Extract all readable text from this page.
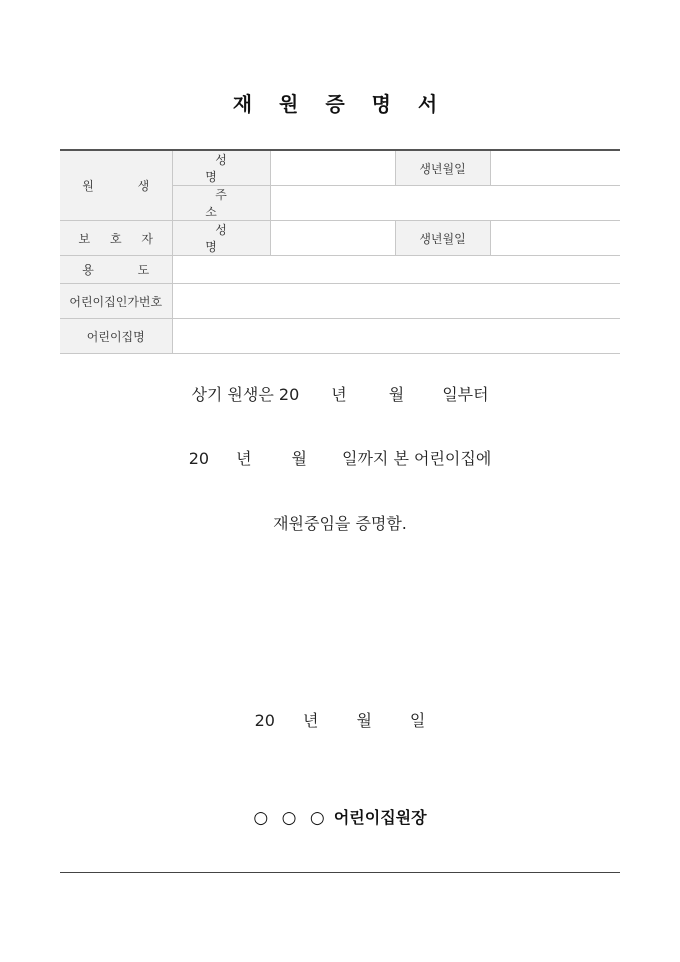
재 원 증 명 서
원 생	성 명		생년월일	
	주 소			
보 호 자	성 명		생년월일	
용 도				
어린이집인가번호				
어린이집명				
상기 원생은 20 년	월 일부터
20 년	월 일까지 본 어린이집에
재원중임을 증명함.
20 년 월 일
○ ○ ○ 어린이집원장
